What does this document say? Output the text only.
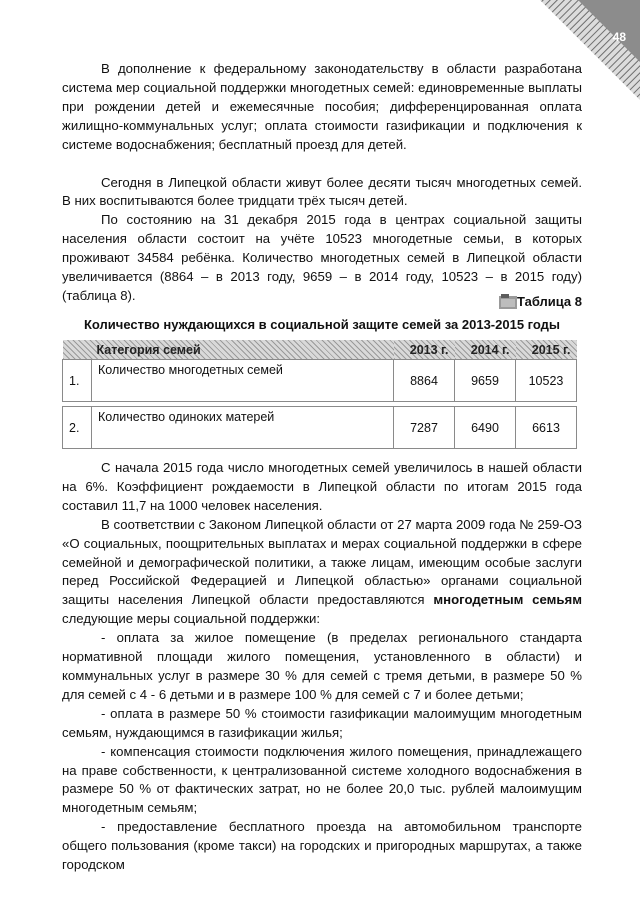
48

В дополнение к федеральному законодательству в области разработана система мер социальной поддержки многодетных семей: единовременные выплаты при рождении детей и ежемесячные пособия; дифференцированная оплата жилищно-коммунальных услуг; оплата стоимости газификации и подключения к системе водоснабжения; бесплатный проезд для детей.

Сегодня в Липецкой области живут более десяти тысяч многодетных семей. В них воспитываются более тридцати трёх тысяч детей.

По состоянию на 31 декабря 2015 года в центрах социальной защиты населения области состоит на учёте 10523 многодетные семьи, в которых проживают 34584 ребёнка. Количество многодетных семей в Липецкой области увеличивается (8864 – в 2013 году, 9659 – в 2014 году, 10523 – в 2015 году) (таблица 8).	Таблица 8
Количество нуждающихся в социальной защите семей за 2013-2015 годы
Категория семей		2013 г.	2014 г.	2015 г.
1.	Количество многодетных семей	8864	9659	10523

2.	Количество одиноких матерей	7287	6490	6613

С начала 2015 года число многодетных семей увеличилось в нашей области на 6%. Коэффициент рождаемости в Липецкой области по итогам 2015 года составил 11,7 на 1000 человек населения.

В соответствии с Законом Липецкой области от 27 марта 2009 года № 259-ОЗ «О социальных, поощрительных выплатах и мерах социальной поддержки в сфере семейной и демографической политики, а также лицам, имеющим особые заслуги перед Российской Федерацией и Липецкой областью» органами социальной защиты населения Липецкой области предоставляются многодетным семьям следующие меры социальной поддержки:

- оплата за жилое помещение (в пределах регионального стандарта нормативной площади жилого помещения, установленного в области) и коммунальных услуг в размере 30 % для семей с тремя детьми, в размере 50 % для семей с 4 - 6 детьми и в размере 100 % для семей с 7 и более детьми;

- оплата в размере 50 % стоимости газификации малоимущим многодетным семьям, нуждающимся в газификации жилья;

- компенсация стоимости подключения жилого помещения, принадлежащего на праве собственности, к централизованной системе холодного водоснабжения в размере 50 % от фактических затрат, но не более 20,0 тыс. рублей малоимущим многодетным семьям;

- предоставление бесплатного проезда на автомобильном транспорте общего пользования (кроме такси) на городских и пригородных маршрутах, а также городском
